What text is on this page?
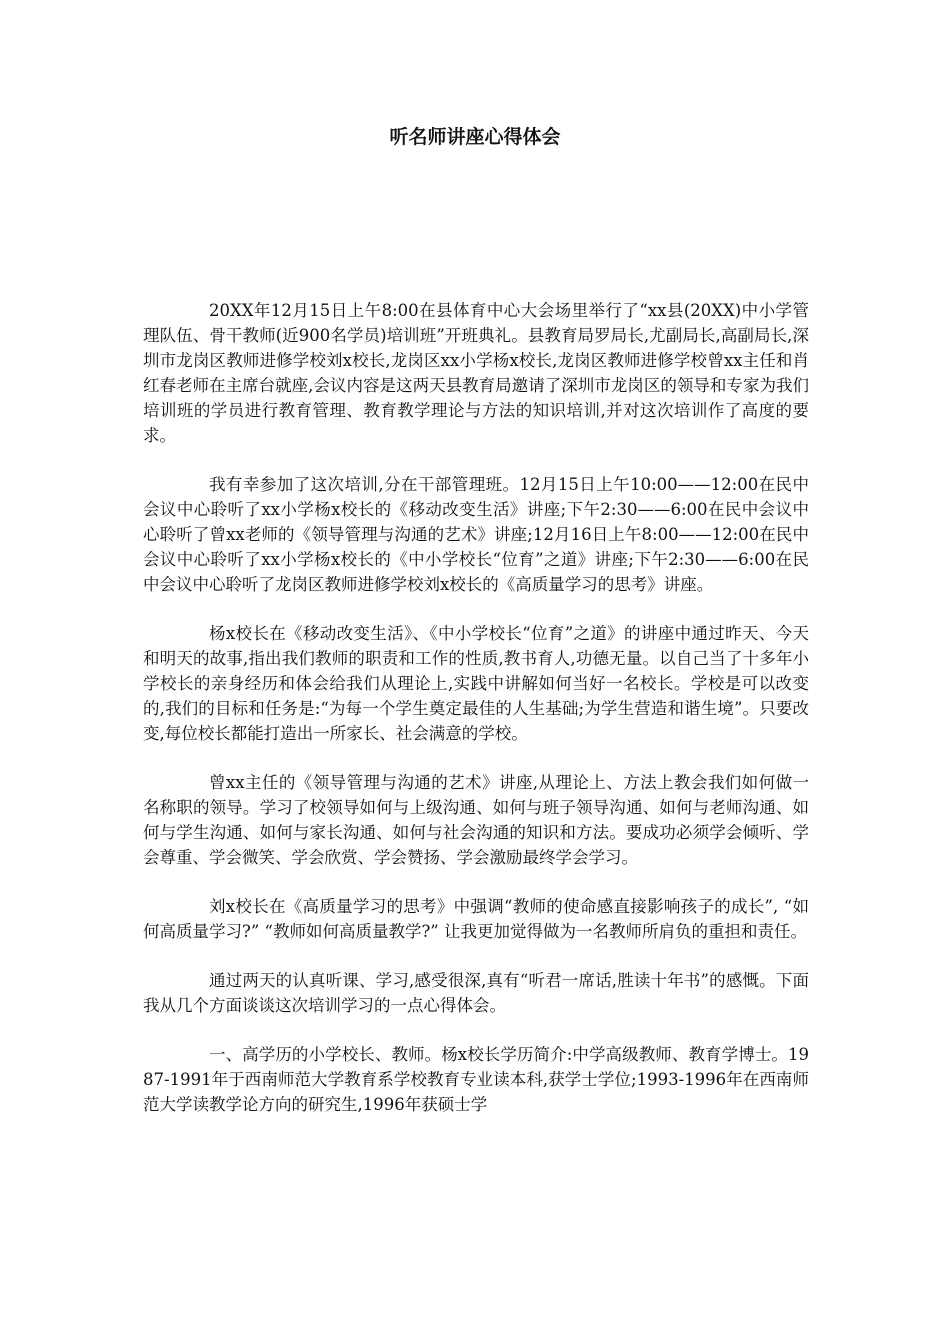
听名师讲座心得体会

20XX年12月15日上午8:00在县体育中心大会场里举行了“xx县(20XX)中小学管理队伍、骨干教师(近900名学员)培训班”开班典礼。县教育局罗局长,尤副局长,高副局长,深圳市龙岗区教师进修学校刘x校长,龙岗区xx小学杨x校长,龙岗区教师进修学校曾xx主任和肖红春老师在主席台就座,会议内容是这两天县教育局邀请了深圳市龙岗区的领导和专家为我们培训班的学员进行教育管理、教育教学理论与方法的知识培训,并对这次培训作了高度的要求。

我有幸参加了这次培训,分在干部管理班。12月15日上午10:00——12:00在民中会议中心聆听了xx小学杨x校长的《移动改变生活》讲座;下午2:30——6:00在民中会议中心聆听了曾xx老师的《领导管理与沟通的艺术》讲座;12月16日上午8:00——12:00在民中会议中心聆听了xx小学杨x校长的《中小学校长“位育”之道》讲座;下午2:30——6:00在民中会议中心聆听了龙岗区教师进修学校刘x校长的《高质量学习的思考》讲座。

杨x校长在《移动改变生活》、《中小学校长“位育”之道》的讲座中通过昨天、今天和明天的故事,指出我们教师的职责和工作的性质,教书育人,功德无量。以自己当了十多年小学校长的亲身经历和体会给我们从理论上,实践中讲解如何当好一名校长。学校是可以改变的,我们的目标和任务是:“为每一个学生奠定最佳的人生基础;为学生营造和谐生境”。只要改变,每位校长都能打造出一所家长、社会满意的学校。

曾xx主任的《领导管理与沟通的艺术》讲座,从理论上、方法上教会我们如何做一名称职的领导。学习了校领导如何与上级沟通、如何与班子领导沟通、如何与老师沟通、如何与学生沟通、如何与家长沟通、如何与社会沟通的知识和方法。要成功必须学会倾听、学会尊重、学会微笑、学会欣赏、学会赞扬、学会激励最终学会学习。

刘x校长在《高质量学习的思考》中强调“教师的使命感直接影响孩子的成长”, “如何高质量学习?” “教师如何高质量教学?” 让我更加觉得做为一名教师所肩负的重担和责任。

通过两天的认真听课、学习,感受很深,真有“听君一席话,胜读十年书”的感慨。下面我从几个方面谈谈这次培训学习的一点心得体会。

一、高学历的小学校长、教师。杨x校长学历简介:中学高级教师、教育学博士。1987-1991年于西南师范大学教育系学校教育专业读本科,获学士学位;1993-1996年在西南师范大学读教学论方向的研究生,1996年获硕士学
